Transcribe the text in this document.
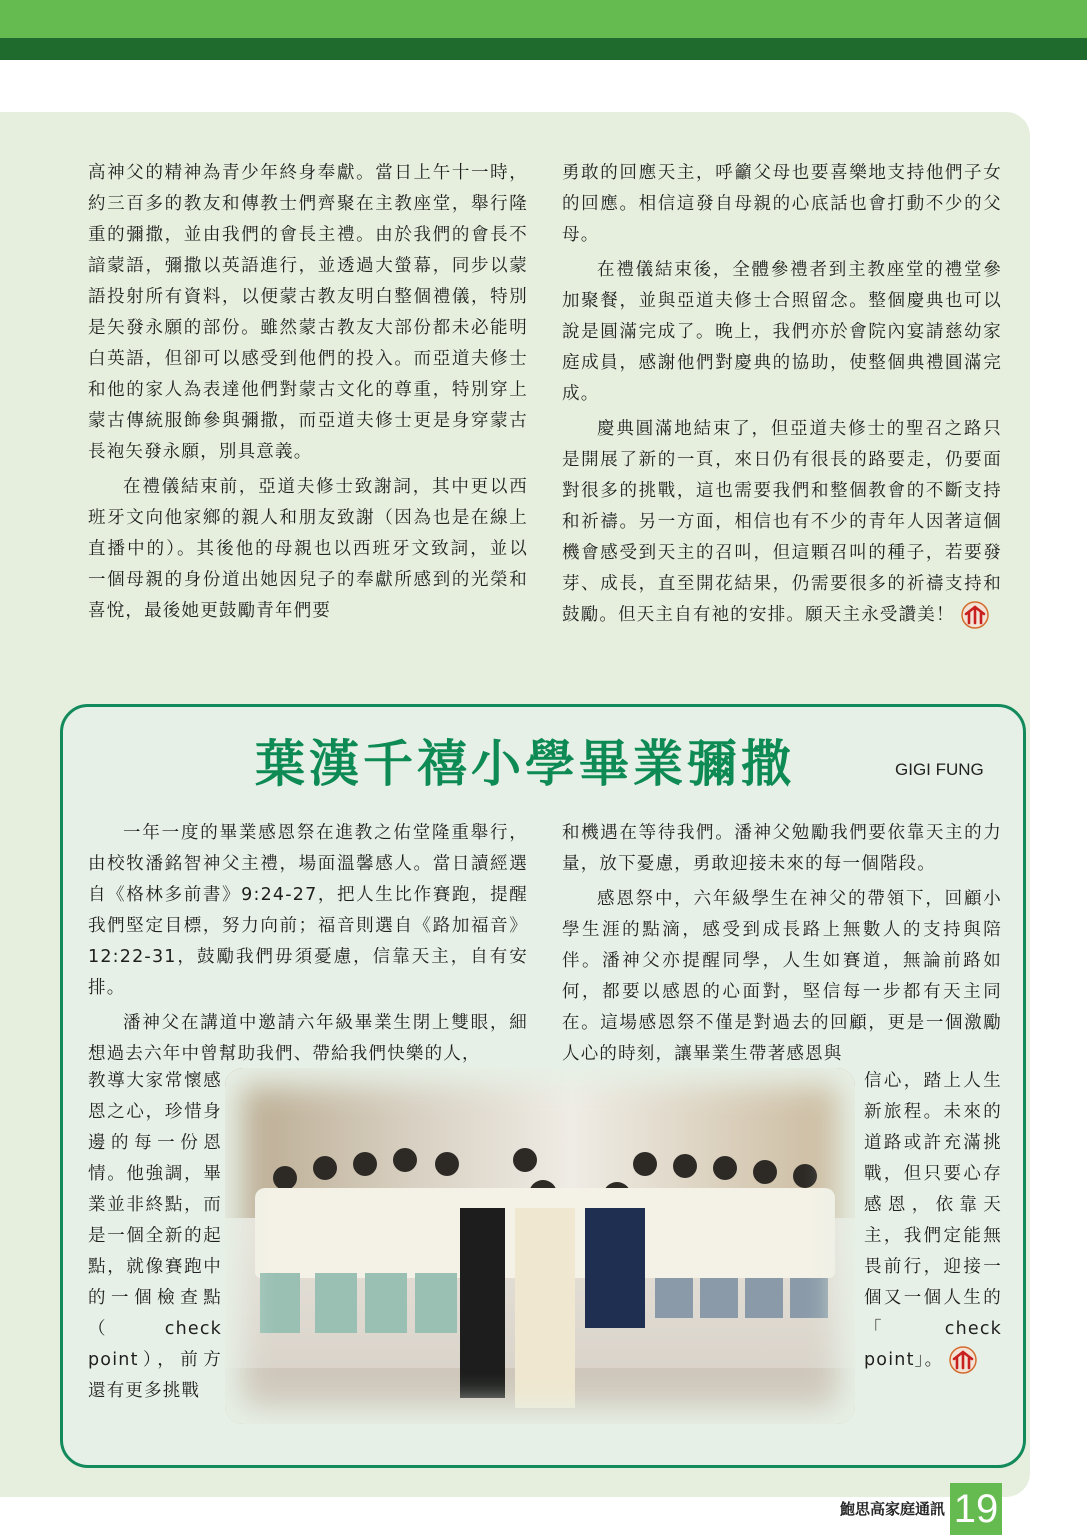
高神父的精神為青少年終身奉獻。當日上午十一時，約三百多的教友和傳教士們齊聚在主教座堂，舉行隆重的彌撒，並由我們的會長主禮。由於我們的會長不諳蒙語，彌撒以英語進行，並透過大螢幕，同步以蒙語投射所有資料，以便蒙古教友明白整個禮儀，特別是矢發永願的部份。雖然蒙古教友大部份都未必能明白英語，但卻可以感受到他們的投入。而亞道夫修士和他的家人為表達他們對蒙古文化的尊重，特別穿上蒙古傳統服飾參與彌撒，而亞道夫修士更是身穿蒙古長袍矢發永願，別具意義。

在禮儀結束前，亞道夫修士致謝詞，其中更以西班牙文向他家鄉的親人和朋友致謝（因為也是在線上直播中的）。其後他的母親也以西班牙文致詞，並以一個母親的身份道出她因兒子的奉獻所感到的光榮和喜悅，最後她更鼓勵青年們要

勇敢的回應天主，呼籲父母也要喜樂地支持他們子女的回應。相信這發自母親的心底話也會打動不少的父母。

在禮儀結束後，全體參禮者到主教座堂的禮堂參加聚餐，並與亞道夫修士合照留念。整個慶典也可以說是圓滿完成了。晚上，我們亦於會院內宴請慈幼家庭成員，感謝他們對慶典的協助，使整個典禮圓滿完成。

慶典圓滿地結束了，但亞道夫修士的聖召之路只是開展了新的一頁，來日仍有很長的路要走，仍要面對很多的挑戰，這也需要我們和整個教會的不斷支持和祈禱。另一方面，相信也有不少的青年人因著這個機會感受到天主的召叫，但這顆召叫的種子，若要發芽、成長，直至開花結果，仍需要很多的祈禱支持和鼓勵。但天主自有祂的安排。願天主永受讚美！

葉漢千禧小學畢業彌撒	GIGI FUNG

一年一度的畢業感恩祭在進教之佑堂隆重舉行，由校牧潘銘智神父主禮，場面溫馨感人。當日讀經選自《格林多前書》9:24-27，把人生比作賽跑，提醒我們堅定目標，努力向前；福音則選自《路加福音》12:22-31，鼓勵我們毋須憂慮，信靠天主，自有安排。

潘神父在講道中邀請六年級畢業生閉上雙眼，細想過去六年中曾幫助我們、帶給我們快樂的人，

和機遇在等待我們。潘神父勉勵我們要依靠天主的力量，放下憂慮，勇敢迎接未來的每一個階段。

感恩祭中，六年級學生在神父的帶領下，回顧小學生涯的點滴，感受到成長路上無數人的支持與陪伴。潘神父亦提醒同學，人生如賽道，無論前路如何，都要以感恩的心面對，堅信每一步都有天主同在。這場感恩祭不僅是對過去的回顧，更是一個激勵人心的時刻，讓畢業生帶著感恩與

教導大家常懷感恩之心，珍惜身邊的每一份恩情。他強調，畢業並非終點，而是一個全新的起點，就像賽跑中的一個檢查點（check point），前方還有更多挑戰

信心，踏上人生新旅程。未來的道路或許充滿挑戰，但只要心存感恩，依靠天主，我們定能無畏前行，迎接一個又一個人生的「check point」。

鮑思高家庭通訊 19
